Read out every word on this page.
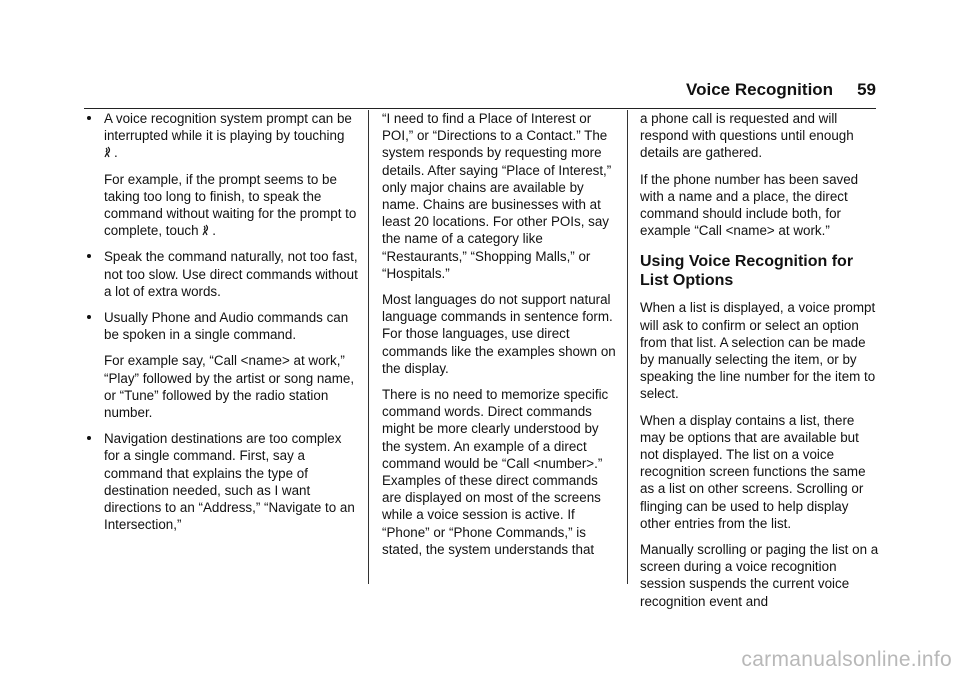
Voice Recognition 59
A voice recognition system prompt can be interrupted while it is playing by touching .
For example, if the prompt seems to be taking too long to finish, to speak the command without waiting for the prompt to complete, touch .
Speak the command naturally, not too fast, not too slow. Use direct commands without a lot of extra words.
Usually Phone and Audio commands can be spoken in a single command.
For example say, “Call <name> at work,” “Play” followed by the artist or song name, or “Tune” followed by the radio station number.
Navigation destinations are too complex for a single command. First, say a command that explains the type of destination needed, such as I want directions to an “Address,” “Navigate to an Intersection,”

“I need to find a Place of Interest or POI,” or “Directions to a Contact.” The system responds by requesting more details. After saying “Place of Interest,” only major chains are available by name. Chains are businesses with at least 20 locations. For other POIs, say the name of a category like “Restaurants,” “Shopping Malls,” or “Hospitals.”

Most languages do not support natural language commands in sentence form. For those languages, use direct commands like the examples shown on the display.

There is no need to memorize specific command words. Direct commands might be more clearly understood by the system. An example of a direct command would be “Call <number>.” Examples of these direct commands are displayed on most of the screens while a voice session is active. If “Phone” or “Phone Commands,” is stated, the system understands that

a phone call is requested and will respond with questions until enough details are gathered.

If the phone number has been saved with a name and a place, the direct command should include both, for example “Call <name> at work.”

Using Voice Recognition for List Options

When a list is displayed, a voice prompt will ask to confirm or select an option from that list. A selection can be made by manually selecting the item, or by speaking the line number for the item to select.

When a display contains a list, there may be options that are available but not displayed. The list on a voice recognition screen functions the same as a list on other screens. Scrolling or flinging can be used to help display other entries from the list.

Manually scrolling or paging the list on a screen during a voice recognition session suspends the current voice recognition event and

carmanualsonline.info
